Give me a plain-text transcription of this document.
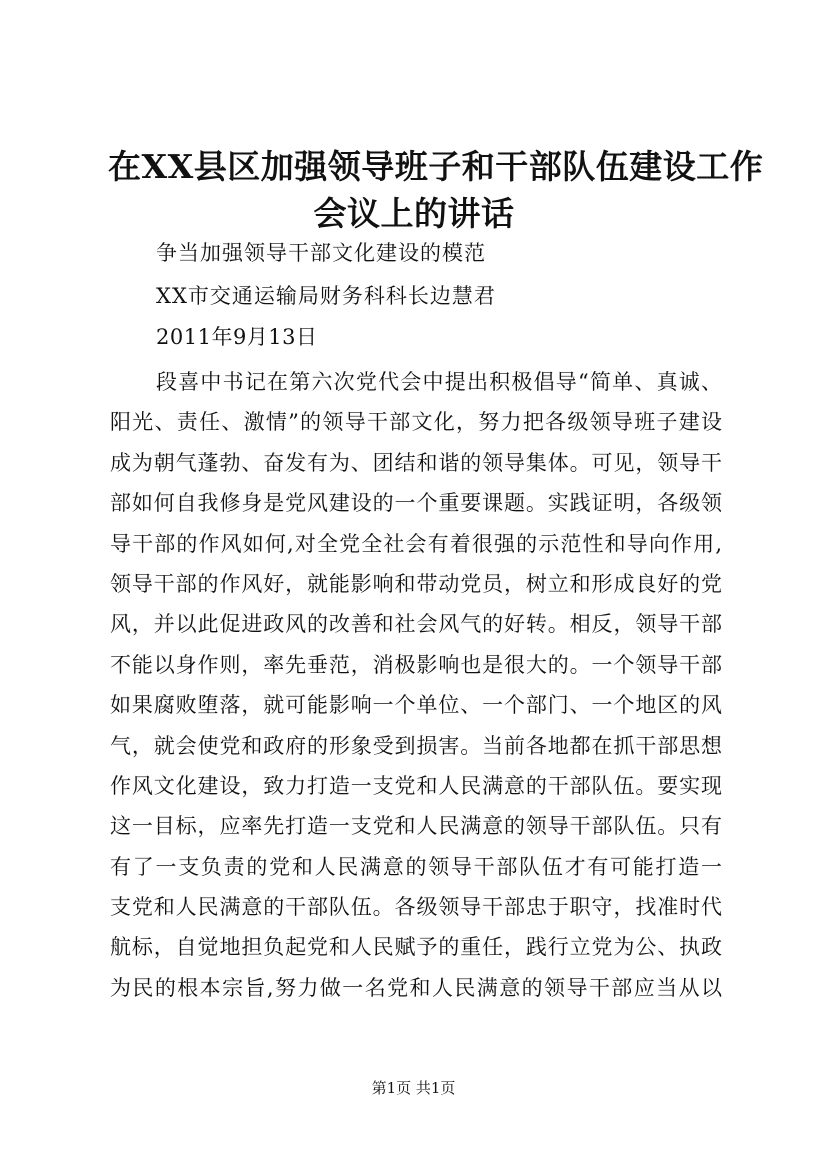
在XX县区加强领导班子和干部队伍建设工作
会议上的讲话
争当加强领导干部文化建设的模范
XX市交通运输局财务科科长边慧君
2011年9月13日
段喜中书记在第六次党代会中提出积极倡导“简单、真诚、
阳光、责任、激情”的领导干部文化，努力把各级领导班子建设
成为朝气蓬勃、奋发有为、团结和谐的领导集体。可见，领导干
部如何自我修身是党风建设的一个重要课题。实践证明，各级领
导干部的作风如何,对全党全社会有着很强的示范性和导向作用,
领导干部的作风好，就能影响和带动党员，树立和形成良好的党
风，并以此促进政风的改善和社会风气的好转。相反，领导干部
不能以身作则，率先垂范，消极影响也是很大的。一个领导干部
如果腐败堕落，就可能影响一个单位、一个部门、一个地区的风
气，就会使党和政府的形象受到损害。当前各地都在抓干部思想
作风文化建设，致力打造一支党和人民满意的干部队伍。要实现
这一目标，应率先打造一支党和人民满意的领导干部队伍。只有
有了一支负责的党和人民满意的领导干部队伍才有可能打造一
支党和人民满意的干部队伍。各级领导干部忠于职守，找准时代
航标，自觉地担负起党和人民赋予的重任，践行立党为公、执政
为民的根本宗旨,努力做一名党和人民满意的领导干部应当从以
第1页 共1页
